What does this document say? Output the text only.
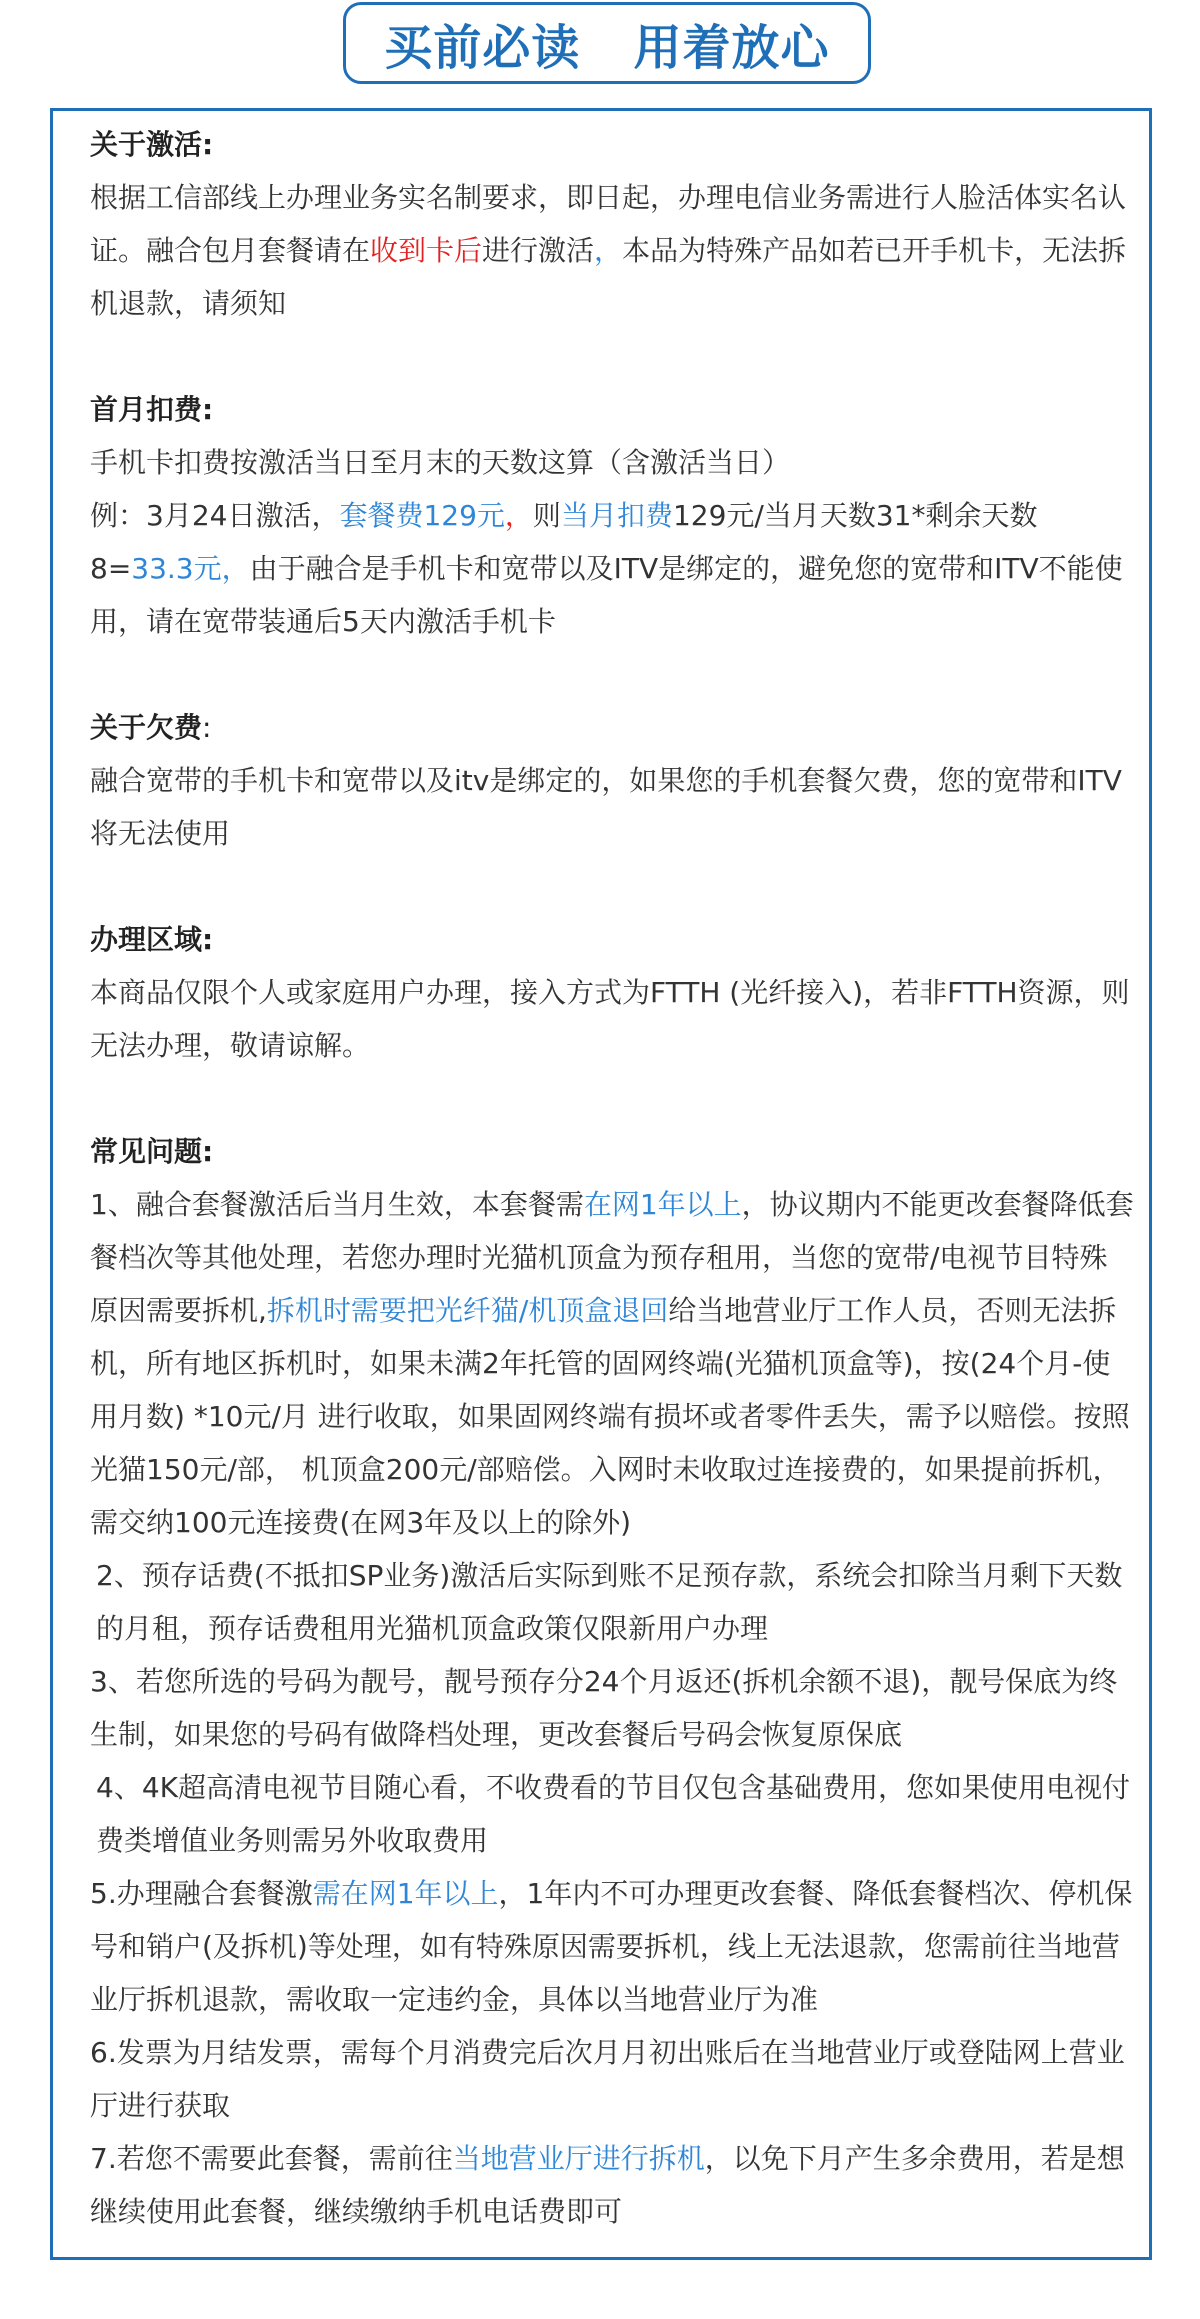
买前必读   用着放心
关于激活:

根据工信部线上办理业务实名制要求，即日起，办理电信业务需进行人脸活体实名认证。融合包月套餐请在收到卡后进行激活，本品为特殊产品如若已开手机卡，无法拆机退款，请须知

首月扣费:

手机卡扣费按激活当日至月末的天数这算（含激活当日）

例：3月24日激活，套餐费129元，则当月扣费129元/当月天数31*剩余天数8=33.3元，由于融合是手机卡和宽带以及ITV是绑定的，避免您的宽带和ITV不能使用，请在宽带装通后5天内激活手机卡

关于欠费:

融合宽带的手机卡和宽带以及itv是绑定的，如果您的手机套餐欠费，您的宽带和ITV将无法使用

办理区域:

本商品仅限个人或家庭用户办理，接入方式为FTTH (光纤接入)，若非FTTH资源，则无法办理，敬请谅解。

常见问题:

1、融合套餐激活后当月生效，本套餐需在网1年以上，协议期内不能更改套餐降低套餐档次等其他处理，若您办理时光猫机顶盒为预存租用，当您的宽带/电视节目特殊原因需要拆机,拆机时需要把光纤猫/机顶盒退回给当地营业厅工作人员，否则无法拆机，所有地区拆机时，如果未满2年托管的固网终端(光猫机顶盒等)，按(24个月-使用月数) *10元/月 进行收取，如果固网终端有损坏或者零件丢失，需予以赔偿。按照光猫150元/部， 机顶盒200元/部赔偿。入网时未收取过连接费的，如果提前拆机，需交纳100元连接费(在网3年及以上的除外)

2、预存话费(不抵扣SP业务)激活后实际到账不足预存款，系统会扣除当月剩下天数的月租，预存话费租用光猫机顶盒政策仅限新用户办理

3、若您所选的号码为靓号，靓号预存分24个月返还(拆机余额不退)，靓号保底为终生制，如果您的号码有做降档处理，更改套餐后号码会恢复原保底

4、4K超高清电视节目随心看，不收费看的节目仅包含基础费用，您如果使用电视付费类增值业务则需另外收取费用

5.办理融合套餐激需在网1年以上，1年内不可办理更改套餐、降低套餐档次、停机保号和销户(及拆机)等处理，如有特殊原因需要拆机，线上无法退款，您需前往当地营业厅拆机退款，需收取一定违约金，具体以当地营业厅为准

6.发票为月结发票，需每个月消费完后次月月初出账后在当地营业厅或登陆网上营业厅进行获取

7.若您不需要此套餐，需前往当地营业厅进行拆机，以免下月产生多余费用，若是想继续使用此套餐，继续缴纳手机电话费即可
